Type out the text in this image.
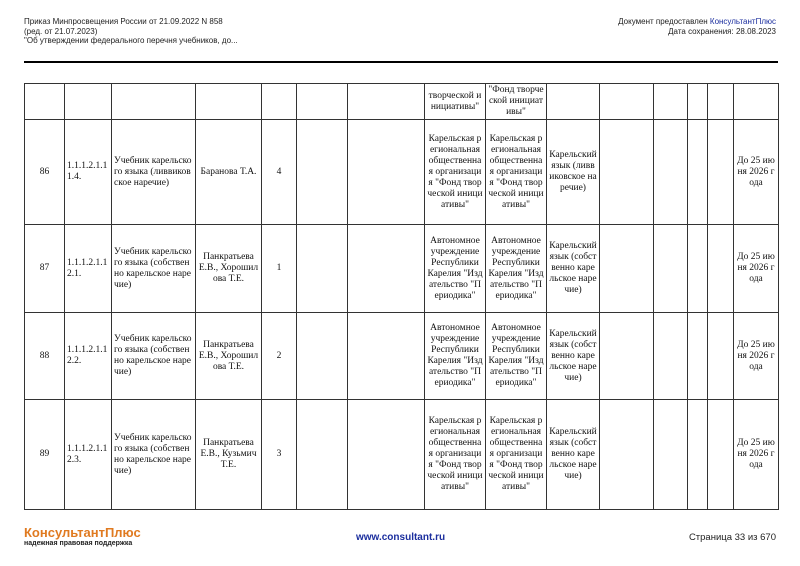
Приказ Минпросвещения России от 21.09.2022 N 858
(ред. от 21.07.2023)
"Об утверждении федерального перечня учебников, до...
Документ предоставлен КонсультантПлюс
Дата сохранения: 28.08.2023
							творческой инициативы"	"Фонд творческой инициативы"						
86	1.1.1.2.1.11.4.	Учебник карельского языка (ливвиковское наречие)	Баранова Т.А.	4			Карельская региональная общественная организация "Фонд творческой инициативы"	Карельская региональная общественная организация "Фонд творческой инициативы"	Карельский язык (ливвиковское наречие)					До 25 июня 2026 года
87	1.1.1.2.1.12.1.	Учебник карельского языка (собственно карельское наречие)	Панкратьева Е.В., Хорошилова Т.Е.	1			Автономное учреждение Республики Карелия "Издательство "Периодика"	Автономное учреждение Республики Карелия "Издательство "Периодика"	Карельский язык (собственно карельское наречие)					До 25 июня 2026 года
88	1.1.1.2.1.12.2.	Учебник карельского языка (собственно карельское наречие)	Панкратьева Е.В., Хорошилова Т.Е.	2			Автономное учреждение Республики Карелия "Издательство "Периодика"	Автономное учреждение Республики Карелия "Издательство "Периодика"	Карельский язык (собственно карельское наречие)					До 25 июня 2026 года
89	1.1.1.2.1.12.3.	Учебник карельского языка (собственно карельское наречие)	Панкратьева Е.В., Кузьмич Т.Е.	3			Карельская региональная общественная организация "Фонд творческой инициативы"	Карельская региональная общественная организация "Фонд творческой инициативы"	Карельский язык (собственно карельское наречие)					До 25 июня 2026 года
КонсультантПлюс
надежная правовая поддержка
www.consultant.ru	Страница 33 из 670
